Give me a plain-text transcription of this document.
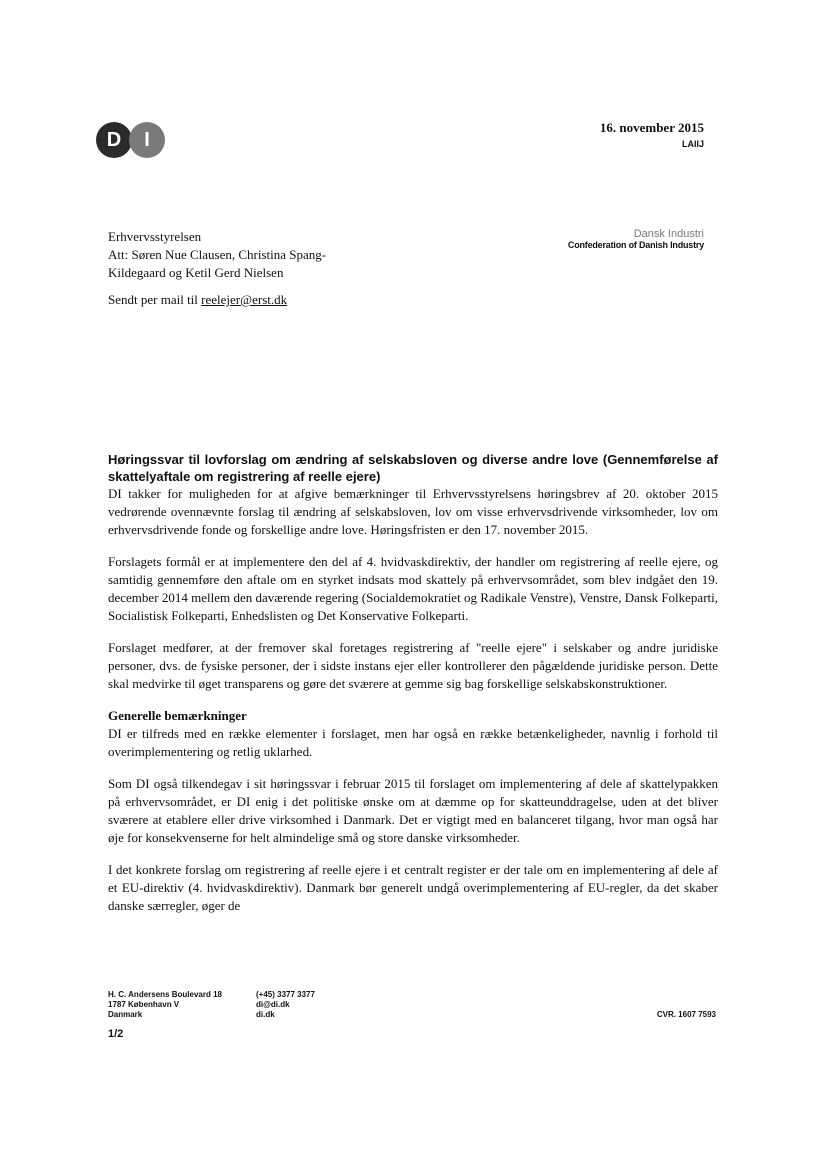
D	I
16. november 2015
LAIIJ
Dansk Industri
Confederation of Danish Industry
Erhvervsstyrelsen
Att: Søren Nue Clausen, Christina Spang-
Kildegaard og Ketil Gerd Nielsen
Sendt per mail til reelejer@erst.dk
Høringssvar til lovforslag om ændring af selskabsloven og diverse andre love (Gennemførelse af skattelyaftale om registrering af reelle ejere)

DI takker for muligheden for at afgive bemærkninger til Erhvervsstyrelsens høringsbrev af 20. oktober 2015 vedrørende ovennævnte forslag til ændring af selskabsloven, lov om visse erhvervsdrivende virksomheder, lov om erhvervsdrivende fonde og forskellige andre love. Høringsfristen er den 17. november 2015.

Forslagets formål er at implementere den del af 4. hvidvaskdirektiv, der handler om registrering af reelle ejere, og samtidig gennemføre den aftale om en styrket indsats mod skattely på erhvervsområdet, som blev indgået den 19. december 2014 mellem den daværende regering (Socialdemokratiet og Radikale Venstre), Venstre, Dansk Folkeparti, Socialistisk Folkeparti, Enhedslisten og Det Konservative Folkeparti.

Forslaget medfører, at der fremover skal foretages registrering af "reelle ejere" i selskaber og andre juridiske personer, dvs. de fysiske personer, der i sidste instans ejer eller kontrollerer den pågældende juridiske person. Dette skal medvirke til øget transparens og gøre det sværere at gemme sig bag forskellige selskabskonstruktioner.

Generelle bemærkninger

DI er tilfreds med en række elementer i forslaget, men har også en række betænkeligheder, navnlig i forhold til overimplementering og retlig uklarhed.

Som DI også tilkendegav i sit høringssvar i februar 2015 til forslaget om implementering af dele af skattelypakken på erhvervsområdet, er DI enig i det politiske ønske om at dæmme op for skatteunddragelse, uden at det bliver sværere at etablere eller drive virksomhed i Danmark. Det er vigtigt med en balanceret tilgang, hvor man også har øje for konsekvenserne for helt almindelige små og store danske virksomheder.

I det konkrete forslag om registrering af reelle ejere i et centralt register er der tale om en implementering af dele af et EU-direktiv (4. hvidvaskdirektiv). Danmark bør generelt undgå overimplementering af EU-regler, da det skaber danske særregler, øger de

H. C. Andersens Boulevard 18
1787 København V
Danmark
(+45) 3377 3377
di@di.dk
di.dk	CVR. 1607 7593
1/2
